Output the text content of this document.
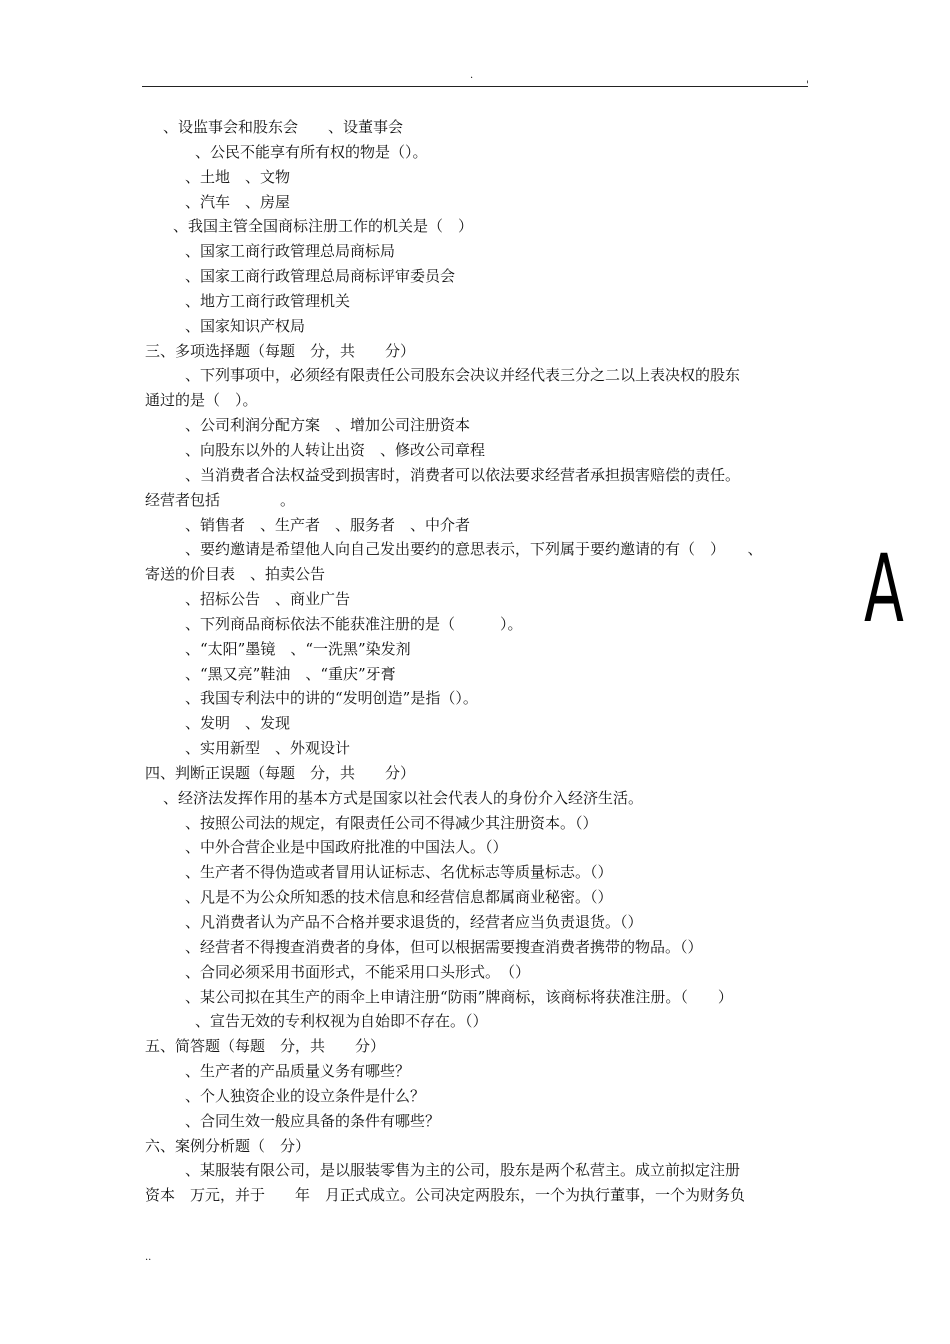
.
'
、设监事会和股东会　　、设董事会
、公民不能享有所有权的物是（）。
、土地　、文物
、汽车　、房屋
、我国主管全国商标注册工作的机关是（　）
、国家工商行政管理总局商标局
、国家工商行政管理总局商标评审委员会
、地方工商行政管理机关
、国家知识产权局
三、多项选择题（每题　分，共　　分）
、下列事项中，必须经有限责任公司股东会决议并经代表三分之二以上表决权的股东
通过的是（　）。
、公司利润分配方案　、增加公司注册资本
、向股东以外的人转让出资　、修改公司章程
、当消费者合法权益受到损害时，消费者可以依法要求经营者承担损害赔偿的责任。
经营者包括　　　　。
、销售者　、生产者　、服务者　、中介者
、要约邀请是希望他人向自己发出要约的意思表示，下列属于要约邀请的有（　）　　、
寄送的价目表　、拍卖公告
、招标公告　、商业广告
、下列商品商标依法不能获准注册的是（　　　）。
、“太阳”墨镜　、“一洗黑”染发剂
、“黑又亮”鞋油　、“重庆”牙膏
、我国专利法中的讲的“发明创造”是指（）。
、发明　、发现
、实用新型　、外观设计
四、判断正误题（每题　分，共　　分）
、经济法发挥作用的基本方式是国家以社会代表人的身份介入经济生活。
、按照公司法的规定，有限责任公司不得减少其注册资本。（）
、中外合营企业是中国政府批准的中国法人。（）
、生产者不得伪造或者冒用认证标志、名优标志等质量标志。（）
、凡是不为公众所知悉的技术信息和经营信息都属商业秘密。（）
、凡消费者认为产品不合格并要求退货的，经营者应当负责退货。（）
、经营者不得搜查消费者的身体，但可以根据需要搜查消费者携带的物品。（）
、合同必须采用书面形式，不能采用口头形式。　（）
、某公司拟在其生产的雨伞上申请注册“防雨”牌商标，该商标将获准注册。（　　）
、宣告无效的专利权视为自始即不存在。（）
五、简答题（每题　分，共　　分）
、生产者的产品质量义务有哪些？
、个人独资企业的设立条件是什么？
、合同生效一般应具备的条件有哪些？
六、案例分析题（　分）
、某服装有限公司，是以服装零售为主的公司，股东是两个私营主。成立前拟定注册
资本　万元，并于　　年　月正式成立。公司决定两股东，一个为执行董事，一个为财务负
A
..
